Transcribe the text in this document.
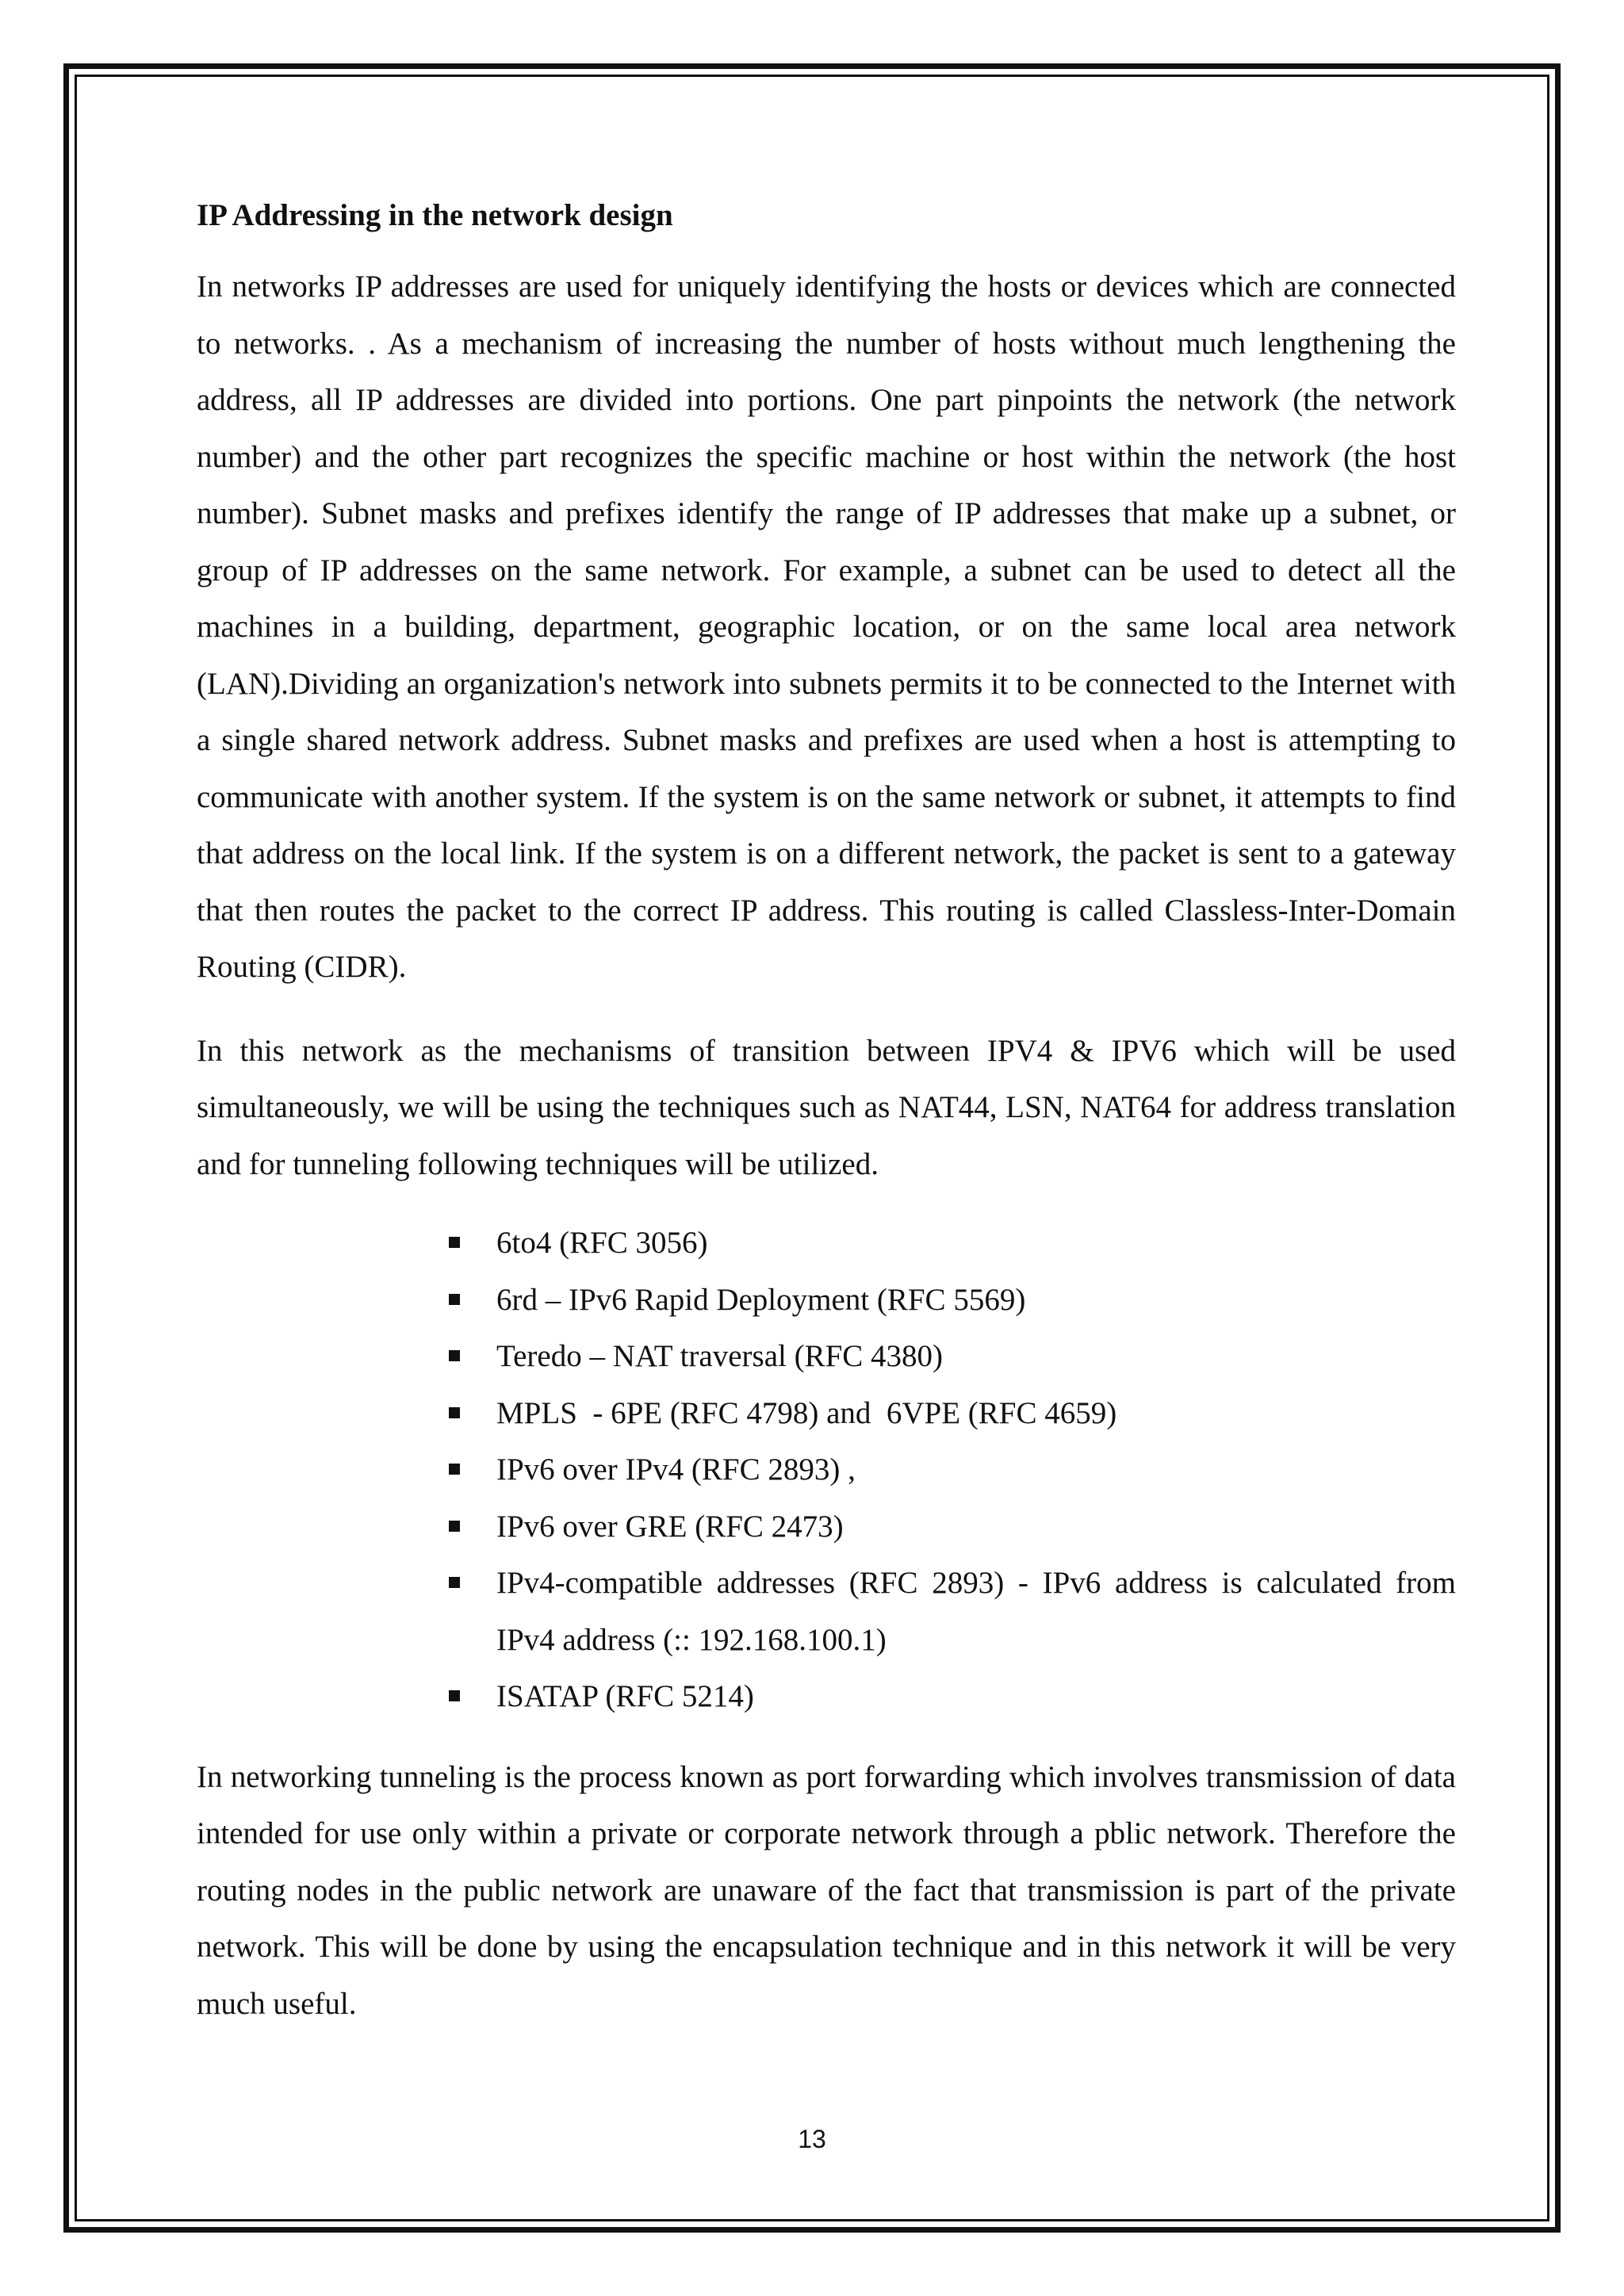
IP Addressing in the network design

In networks IP addresses are used for uniquely identifying the hosts or devices which are connected to networks. . As a mechanism of increasing the number of hosts without much lengthening the address, all IP addresses are divided into portions. One part pinpoints the network (the network number) and the other part recognizes the specific machine or host within the network (the host number). Subnet masks and prefixes identify the range of IP addresses that make up a subnet, or group of IP addresses on the same network. For example, a subnet can be used to detect all the machines in a building, department, geographic location, or on the same local area network (LAN).Dividing an organization's network into subnets permits it to be connected to the Internet with a single shared network address. Subnet masks and prefixes are used when a host is attempting to communicate with another system. If the system is on the same network or subnet, it attempts to find that address on the local link. If the system is on a different network, the packet is sent to a gateway that then routes the packet to the correct IP address. This routing is called Classless-Inter-Domain Routing (CIDR).

In this network as the mechanisms of transition between IPV4 & IPV6 which will be used simultaneously, we will be using the techniques such as NAT44, LSN, NAT64 for address translation and for tunneling following techniques will be utilized.

6to4 (RFC 3056)
6rd – IPv6 Rapid Deployment (RFC 5569)
Teredo – NAT traversal (RFC 4380)
MPLS  - 6PE (RFC 4798) and  6VPE (RFC 4659)
IPv6 over IPv4 (RFC 2893) ,
IPv6 over GRE (RFC 2473)
IPv4-compatible addresses (RFC 2893) - IPv6 address is calculated from IPv4 address (:: 192.168.100.1)
ISATAP (RFC 5214)

In networking tunneling is the process known as port forwarding which involves transmission of data intended for use only within a private or corporate network through a pblic network. Therefore the routing nodes in the public network are unaware of the fact that transmission is part of the private network. This will be done by using the encapsulation technique and in this network it will be very much useful.

13
